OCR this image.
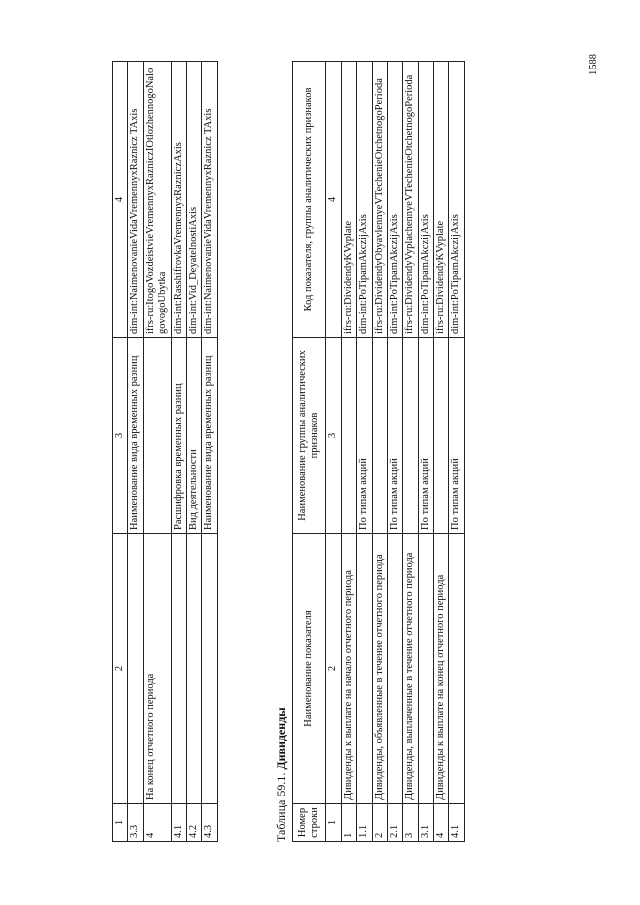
1588
1	2	3	4
3.3		Наименование вида временных разниц	dim-int:NaimenovanieVidaVremennyxRaznicz TAxis
4	На конец отчетного периода		ifrs-ru:ItogoVozdeistvieVremennyxRazniczIOtlozhennogoNalogovogoUbytka
4.1		Расшифровка временных разниц	dim-int:RasshifrovkaVremennyxRazniczAxis
4.2		Вид деятельности	dim-int:Vid_DeyatelnostiAxis
4.3		Наименование вида временных разниц	dim-int:NaimenovanieVidaVremennyxRaznicz TAxis
Таблица 59.1. Дивиденды
Номер строки	Наименование показателя	Наименование группы аналитических признаков	Код показателя, группы аналитических признаков
1	2	3	4
1	Дивиденды к выплате на начало отчетного периода		ifrs-ru:DividendyKVyplate
1.1		По типам акций	dim-int:PoTipamAkczijAxis
2	Дивиденды, объявленные в течение отчетного периода		ifrs-ru:DividendyObyavlennyeVTechenieOtchetnogoPerioda
2.1		По типам акций	dim-int:PoTipamAkczijAxis
3	Дивиденды, выплаченные в течение отчетного периода		ifrs-ru:DividendyVyplachennyeVTechenieOtchetnogoPerioda
3.1		По типам акций	dim-int:PoTipamAkczijAxis
4	Дивиденды к выплате на конец отчетного периода		ifrs-ru:DividendyKVyplate
4.1		По типам акций	dim-int:PoTipamAkczijAxis
